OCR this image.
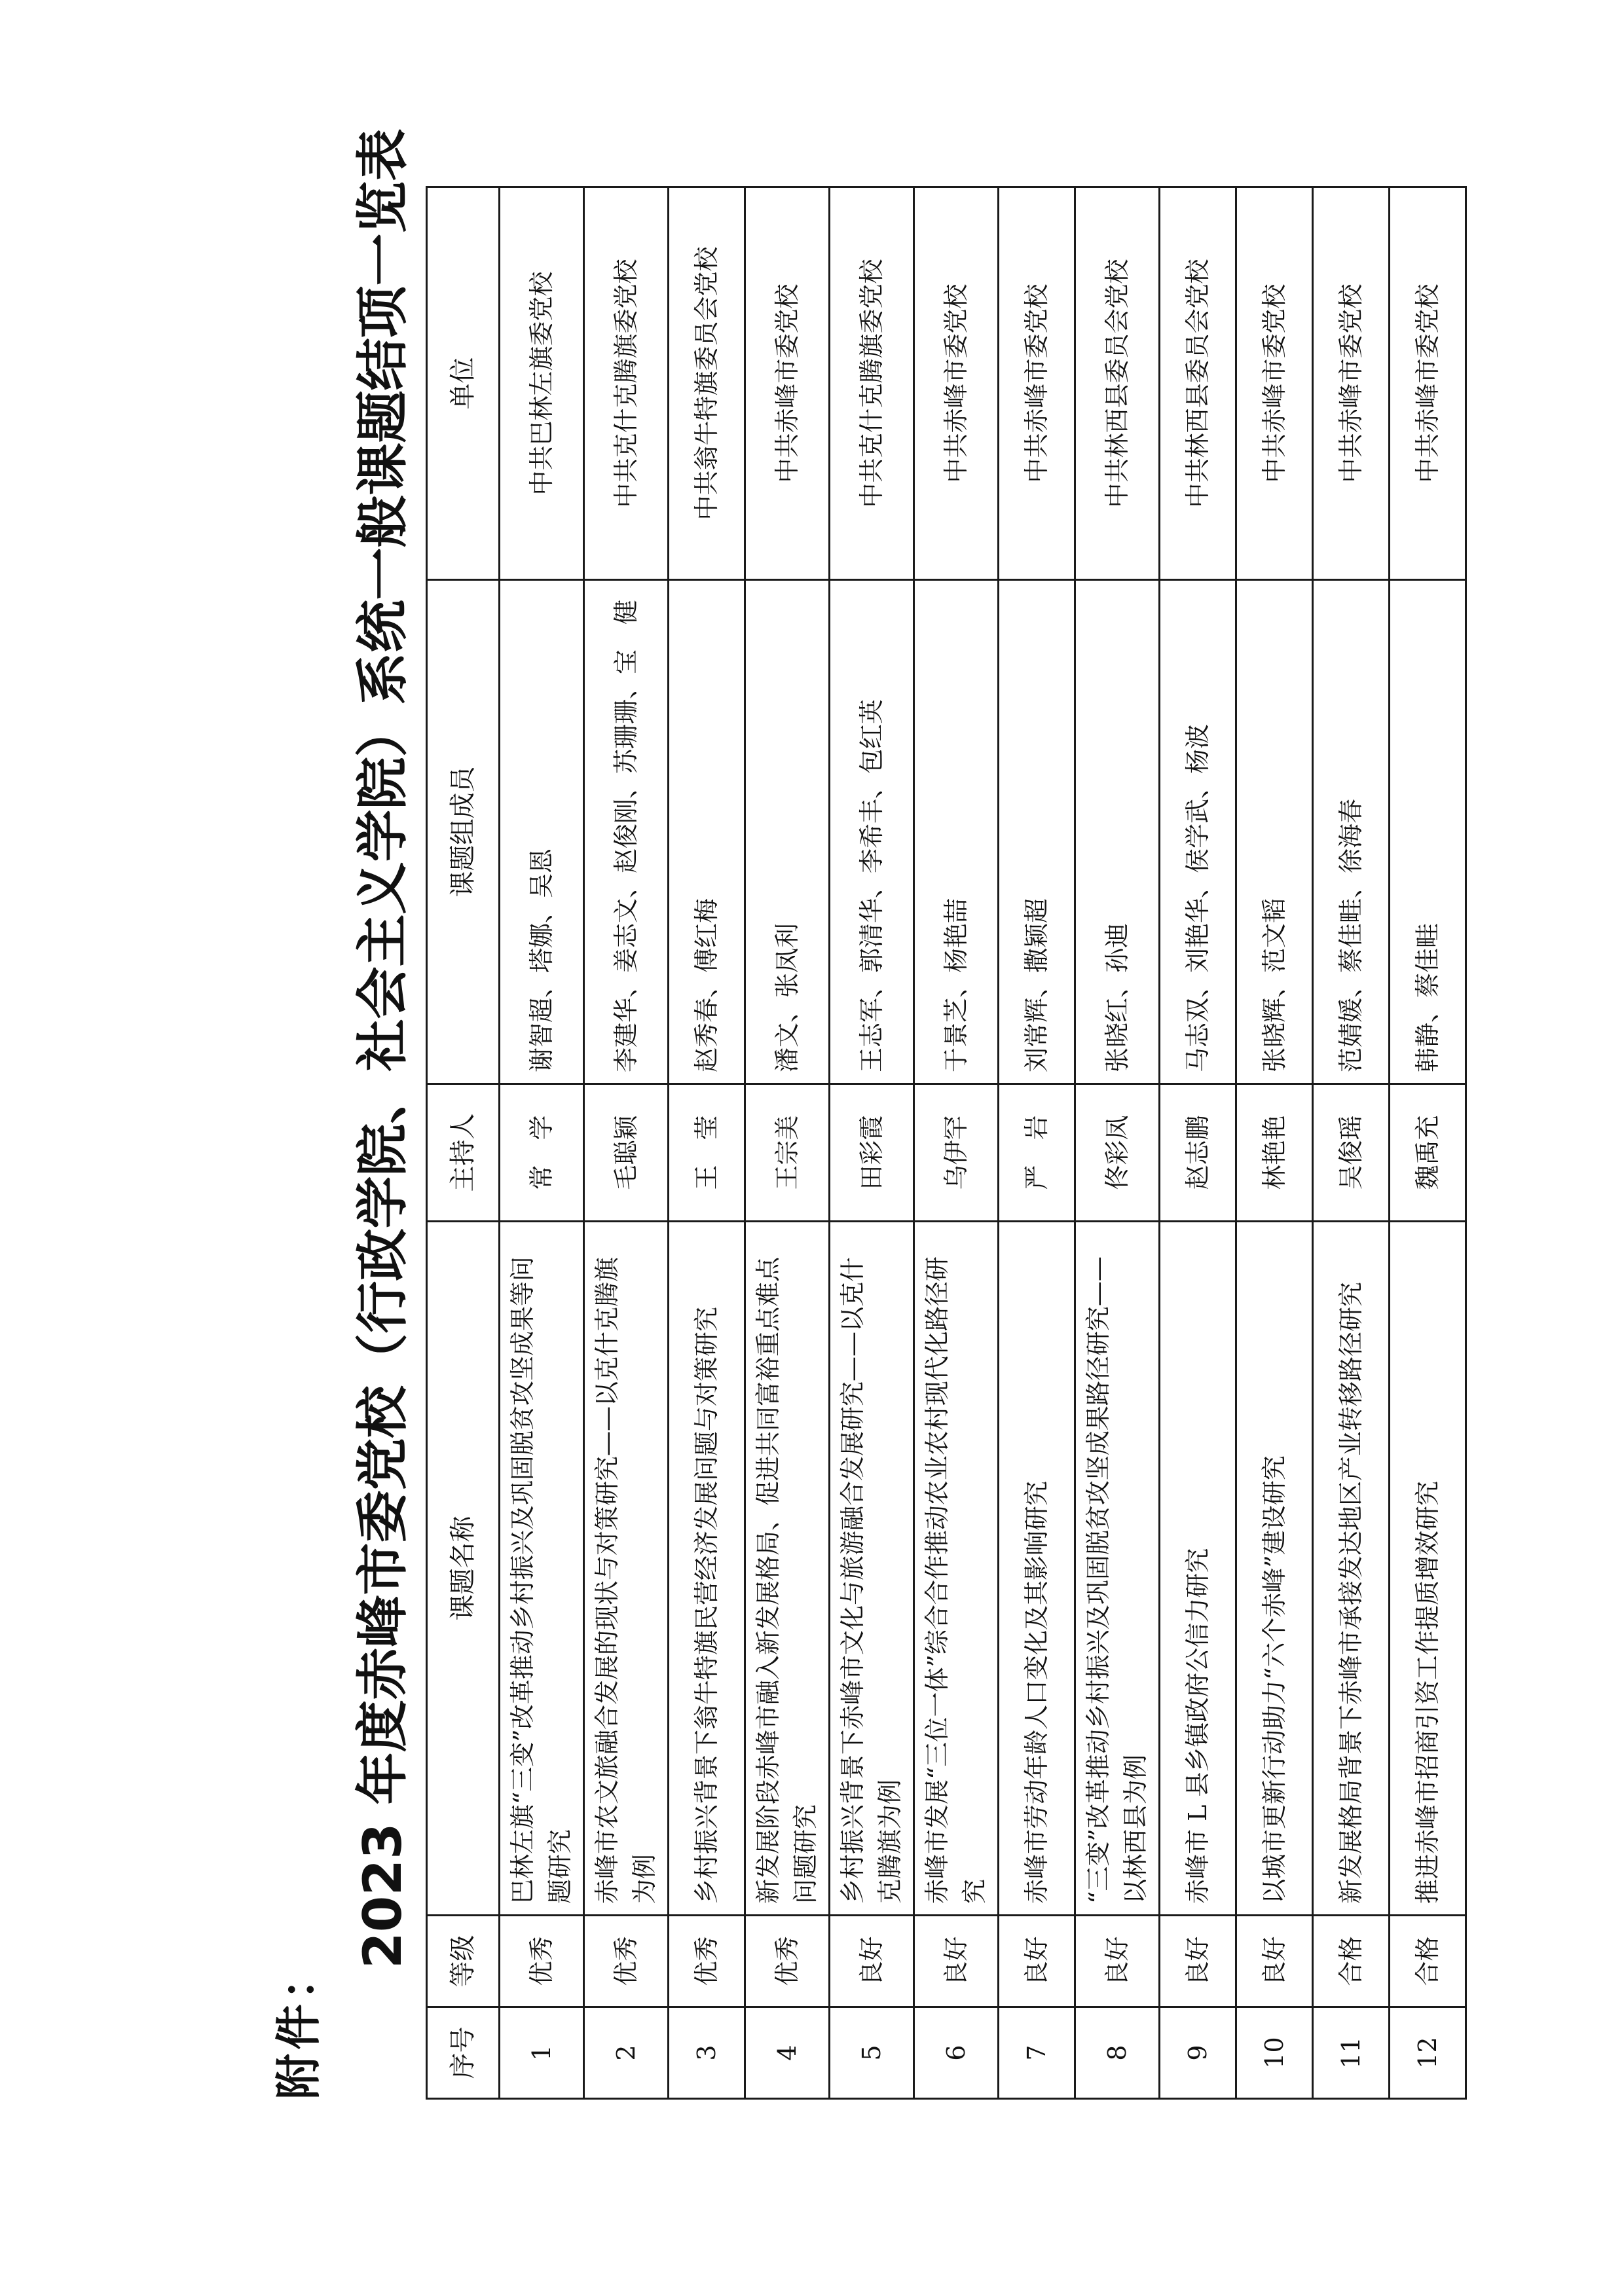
附件：
2023 年度赤峰市委党校（行政学院、社会主义学院）系统一般课题结项一览表
序号	等级	课题名称	主持人	课题组成员	单位
1	优秀	巴林左旗“三变”改革推动乡村振兴及巩固脱贫攻坚成果等问题研究	常　学	谢智超、塔娜、吴恩	中共巴林左旗委党校
2	优秀	赤峰市农文旅融合发展的现状与对策研究——以克什克腾旗为例	毛聪颖	李建华、姜志文、赵俊刚、苏珊珊、宝　健	中共克什克腾旗委党校
3	优秀	乡村振兴背景下翁牛特旗民营经济发展问题与对策研究	王　莹	赵秀春、傅红梅	中共翁牛特旗委员会党校
4	优秀	新发展阶段赤峰市融入新发展格局、促进共同富裕重点难点问题研究	王宗美	潘文、张凤利	中共赤峰市委党校
5	良好	乡村振兴背景下赤峰市文化与旅游融合发展研究——以克什克腾旗为例	田彩霞	王志军、郭清华、李希丰、包红英	中共克什克腾旗委党校
6	良好	赤峰市发展“三位一体”综合合作推动农业农村现代化路径研究	乌伊罕	于景芝、杨艳喆	中共赤峰市委党校
7	良好	赤峰市劳动年龄人口变化及其影响研究	严　岩	刘常辉、撒颖超	中共赤峰市委党校
8	良好	“三变”改革推动乡村振兴及巩固脱贫攻坚成果路径研究——以林西县为例	佟彩凤	张晓红、孙迪	中共林西县委员会党校
9	良好	赤峰市 L 县乡镇政府公信力研究	赵志鹏	马志双、刘艳华、侯学武、杨波	中共林西县委员会党校
10	良好	以城市更新行动助力“六个赤峰”建设研究	林艳艳	张晓辉、范文韬	中共赤峰市委党校
11	合格	新发展格局背景下赤峰市承接发达地区产业转移路径研究	吴俊瑶	范婧媛、蔡佳畦、徐海春	中共赤峰市委党校
12	合格	推进赤峰市招商引资工作提质增效研究	魏禹充	韩静、蔡佳畦	中共赤峰市委党校
